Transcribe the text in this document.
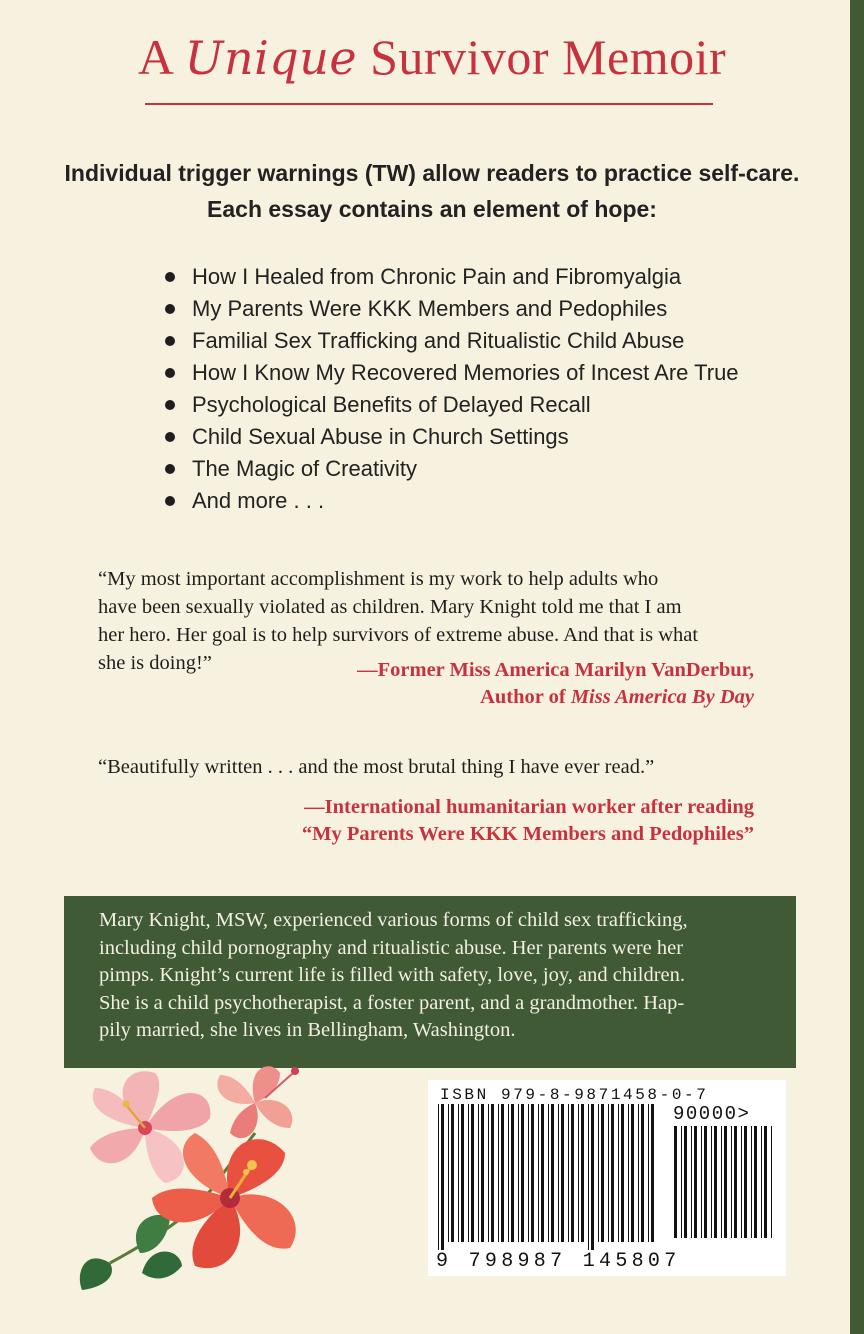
A Unique Survivor Memoir
Individual trigger warnings (TW) allow readers to practice self-care.
Each essay contains an element of hope:
How I Healed from Chronic Pain and Fibromyalgia
My Parents Were KKK Members and Pedophiles
Familial Sex Trafficking and Ritualistic Child Abuse
How I Know My Recovered Memories of Incest Are True
Psychological Benefits of Delayed Recall
Child Sexual Abuse in Church Settings
The Magic of Creativity
And more . . .
“My most important accomplishment is my work to help adults who
have been sexually violated as children. Mary Knight told me that I am
her hero. Her goal is to help survivors of extreme abuse. And that is what
she is doing!”	—Former Miss America Marilyn VanDerbur,
Author of Miss America By Day
“Beautifully written . . . and the most brutal thing I have ever read.”
—International humanitarian worker after reading
“My Parents Were KKK Members and Pedophiles”
Mary Knight, MSW, experienced various forms of child sex trafficking,
including child pornography and ritualistic abuse. Her parents were her
pimps. Knight’s current life is filled with safety, love, joy, and children.
She is a child psychotherapist, a foster parent, and a grandmother. Hap-
pily married, she lives in Bellingham, Washington.
ISBN 979-8-9871458-0-7
90000>
9 798987 145807
